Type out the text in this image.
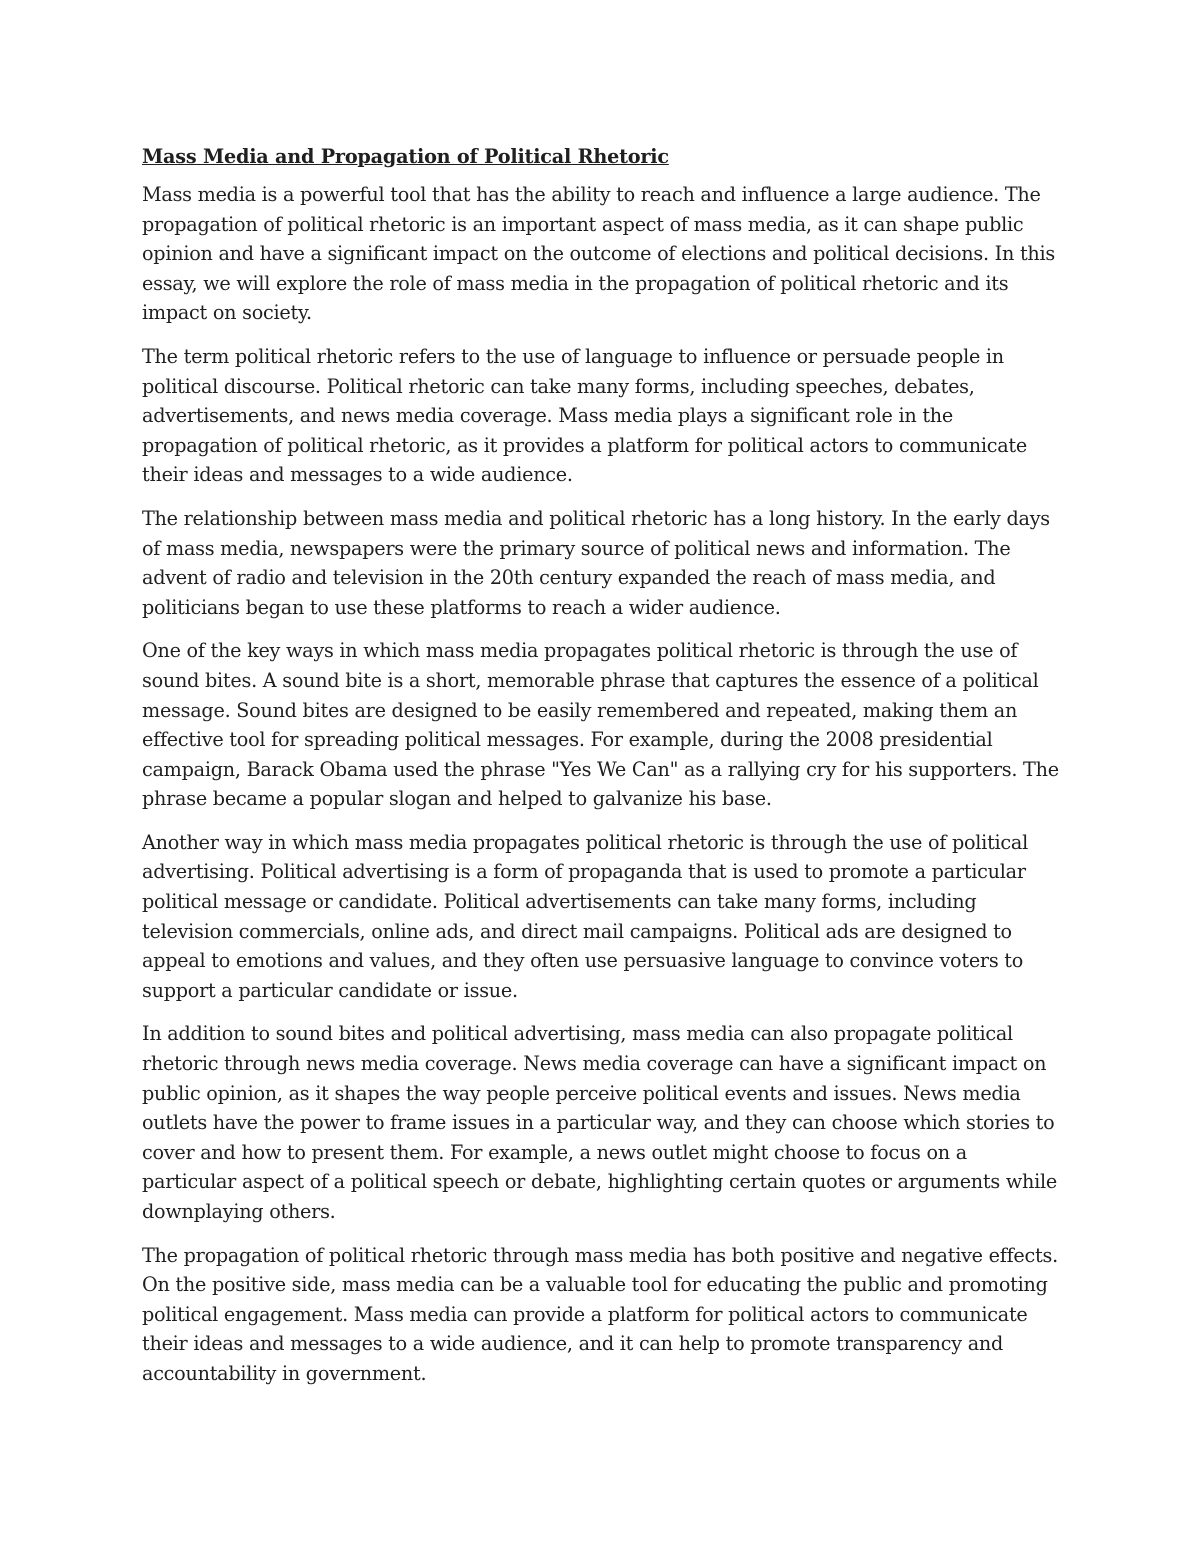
Mass Media and Propagation of Political Rhetoric

Mass media is a powerful tool that has the ability to reach and influence a large audience. The propagation of political rhetoric is an important aspect of mass media, as it can shape public opinion and have a significant impact on the outcome of elections and political decisions. In this essay, we will explore the role of mass media in the propagation of political rhetoric and its impact on society.

The term political rhetoric refers to the use of language to influence or persuade people in political discourse. Political rhetoric can take many forms, including speeches, debates, advertisements, and news media coverage. Mass media plays a significant role in the propagation of political rhetoric, as it provides a platform for political actors to communicate their ideas and messages to a wide audience.

The relationship between mass media and political rhetoric has a long history. In the early days of mass media, newspapers were the primary source of political news and information. The advent of radio and television in the 20th century expanded the reach of mass media, and politicians began to use these platforms to reach a wider audience.

One of the key ways in which mass media propagates political rhetoric is through the use of sound bites. A sound bite is a short, memorable phrase that captures the essence of a political message. Sound bites are designed to be easily remembered and repeated, making them an effective tool for spreading political messages. For example, during the 2008 presidential campaign, Barack Obama used the phrase "Yes We Can" as a rallying cry for his supporters. The phrase became a popular slogan and helped to galvanize his base.

Another way in which mass media propagates political rhetoric is through the use of political advertising. Political advertising is a form of propaganda that is used to promote a particular political message or candidate. Political advertisements can take many forms, including television commercials, online ads, and direct mail campaigns. Political ads are designed to appeal to emotions and values, and they often use persuasive language to convince voters to support a particular candidate or issue.

In addition to sound bites and political advertising, mass media can also propagate political rhetoric through news media coverage. News media coverage can have a significant impact on public opinion, as it shapes the way people perceive political events and issues. News media outlets have the power to frame issues in a particular way, and they can choose which stories to cover and how to present them. For example, a news outlet might choose to focus on a particular aspect of a political speech or debate, highlighting certain quotes or arguments while downplaying others.

The propagation of political rhetoric through mass media has both positive and negative effects. On the positive side, mass media can be a valuable tool for educating the public and promoting political engagement. Mass media can provide a platform for political actors to communicate their ideas and messages to a wide audience, and it can help to promote transparency and accountability in government.
